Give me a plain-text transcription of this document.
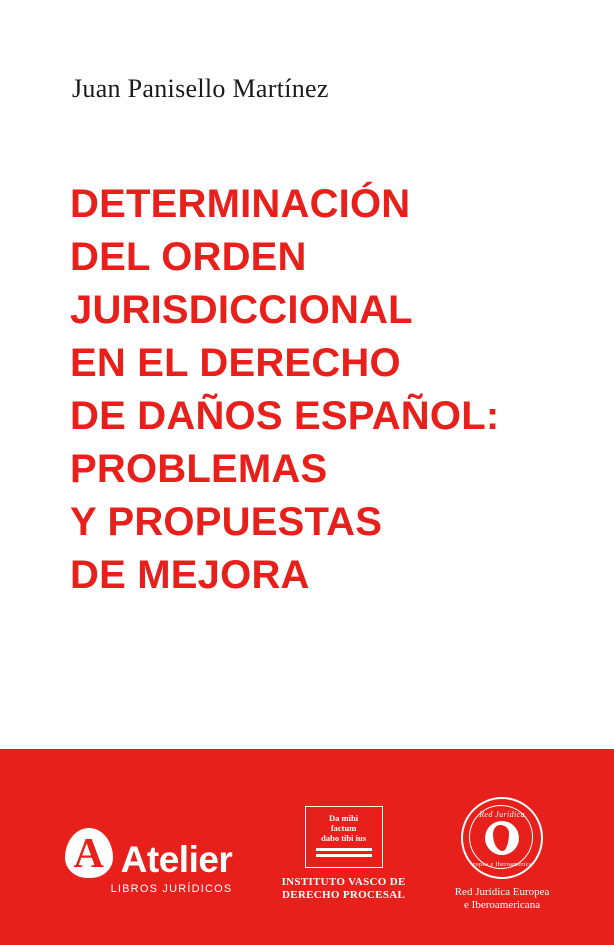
Juan Panisello Martínez
DETERMINACIÓN
DEL ORDEN
JURISDICCIONAL
EN EL DERECHO
DE DAÑOS ESPAÑOL:
PROBLEMAS
Y PROPUESTAS
DE MEJORA
A Atelier
LIBROS JURÍDICOS
Da mihi
factum
dabo tibi ius
INSTITUTO VASCO DE
DERECHO PROCESAL
Red Jurídica
Europea e Iberoamericana
Red Jurídica Europea
e Iberoamericana
